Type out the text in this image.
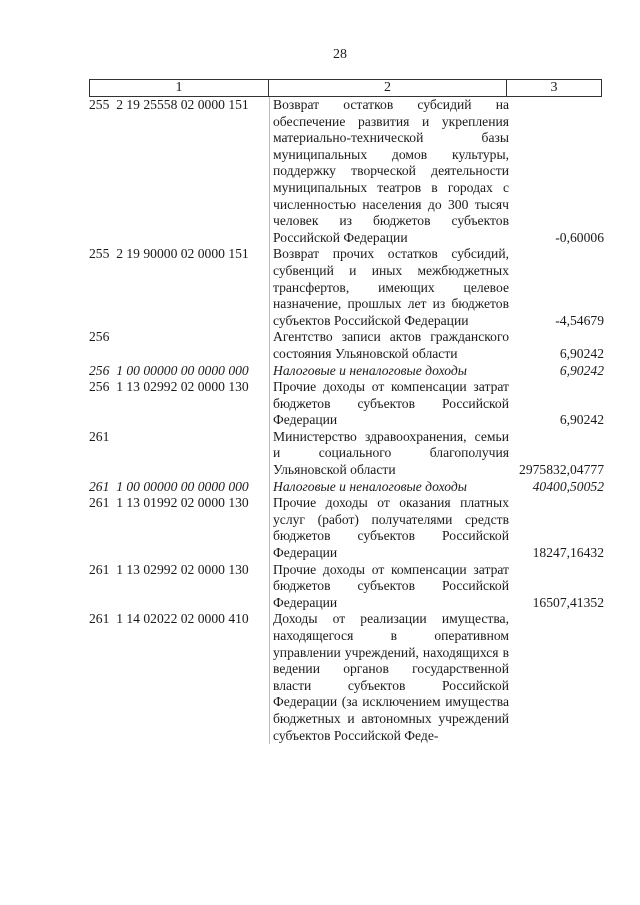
28
1	2	3
255  2 19 25558 02 0000 151	Возврат остатков субсидий на обеспечение развития и укрепления материально-технической базы муниципальных домов культуры, поддержку творческой деятельности муниципальных театров в городах с численностью населения до 300 тысяч человек из бюджетов субъектов Российской Федерации	-0,60006
255  2 19 90000 02 0000 151	Возврат прочих остатков субсидий, субвенций и иных межбюджетных трансфертов, имеющих целевое назначение, прошлых лет из бюджетов субъектов Российской Федерации	-4,54679
256	Агентство записи актов гражданского состояния Ульяновской области	6,90242
256  1 00 00000 00 0000 000	Налоговые и неналоговые доходы	6,90242
256  1 13 02992 02 0000 130	Прочие доходы от компенсации затрат бюджетов субъектов Российской Федерации	6,90242
261	Министерство здравоохранения, семьи и социального благополучия Ульяновской области	2975832,04777
261  1 00 00000 00 0000 000	Налоговые и неналоговые доходы	40400,50052
261  1 13 01992 02 0000 130	Прочие доходы от оказания платных услуг (работ) получателями средств бюджетов субъектов Российской Федерации	18247,16432
261  1 13 02992 02 0000 130	Прочие доходы от компенсации затрат бюджетов субъектов Российской Федерации	16507,41352
261  1 14 02022 02 0000 410	Доходы от реализации имущества, находящегося в оперативном управлении учреждений, находящихся в ведении органов государственной власти субъектов Российской Федерации (за исключением имущества бюджетных и автономных учреждений субъектов Российской Феде-
